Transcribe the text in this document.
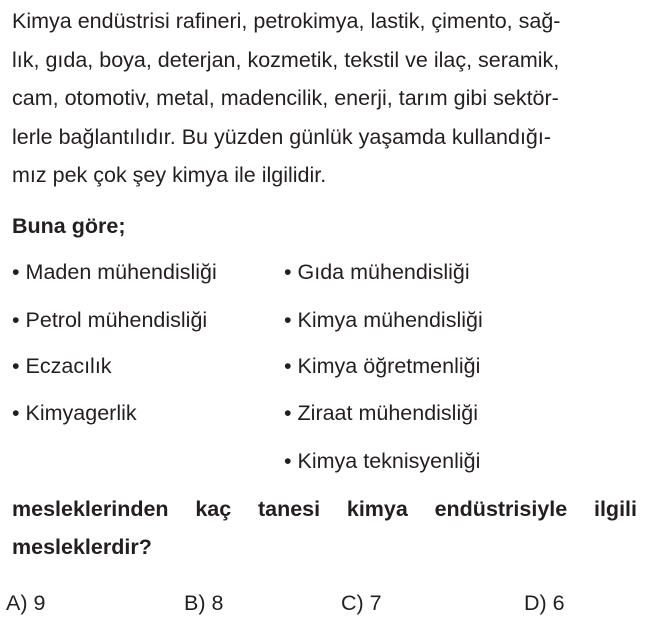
Kimya endüstrisi rafineri, petrokimya, lastik, çimento, sağ-
lık, gıda, boya, deterjan, kozmetik, tekstil ve ilaç, seramik,
cam, otomotiv, metal, madencilik, enerji, tarım gibi sektör-
lerle bağlantılıdır. Bu yüzden günlük yaşamda kullandığı-
mız pek çok şey kimya ile ilgilidir.
Buna göre;
• Maden mühendisliği
• Petrol mühendisliği
• Eczacılık
• Kimyagerlik
• Gıda mühendisliği
• Kimya mühendisliği
• Kimya öğretmenliği
• Ziraat mühendisliği
• Kimya teknisyenliği
mesleklerinden kaç tanesi kimya endüstrisiyle ilgili
mesleklerdir?
A) 9	B) 8	C) 7	D) 6
